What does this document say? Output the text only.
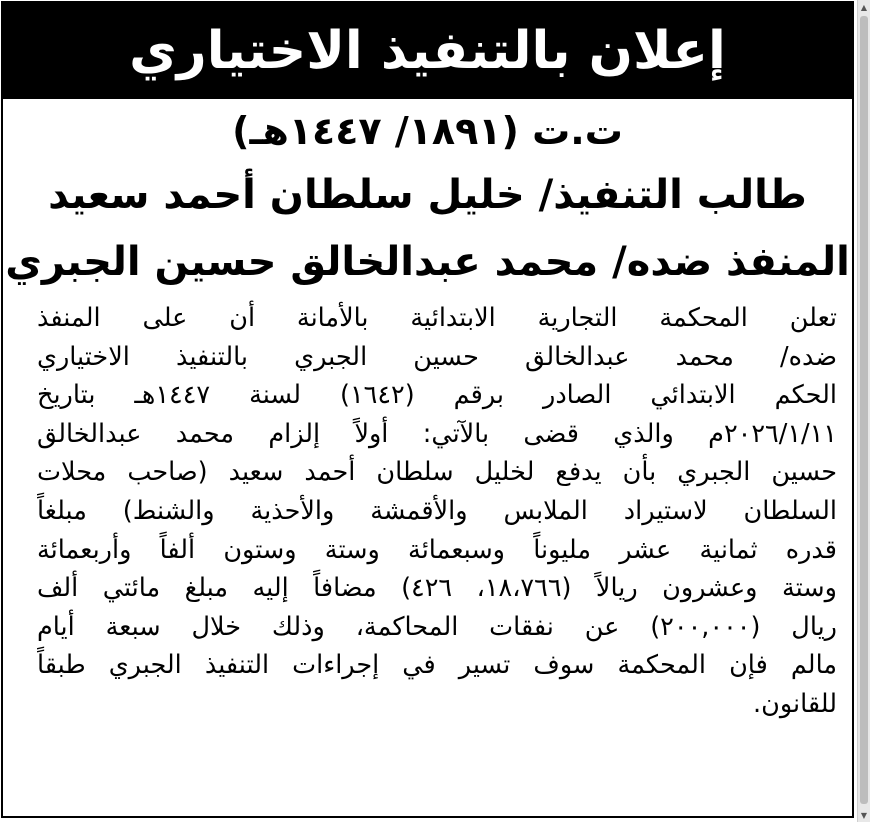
إعلان بالتنفيذ الاختياري
ت.ت (١٨٩١/ ١٤٤٧هـ)
طالب التنفيذ/ خليل سلطان أحمد سعيد
المنفذ ضده/ محمد عبدالخالق حسين الجبري
تعلن المحكمة التجارية الابتدائية بالأمانة أن على المنفذ
ضده/ محمد عبدالخالق حسين الجبري بالتنفيذ الاختياري
الحكم الابتدائي الصادر برقم (١٦٤٢) لسنة ١٤٤٧هـ بتاريخ
٢٠٢٦/١/١١م والذي قضى بالآتي: أولاً إلزام محمد عبدالخالق
حسين الجبري بأن يدفع لخليل سلطان أحمد سعيد (صاحب محلات
السلطان لاستيراد الملابس والأقمشة والأحذية والشنط) مبلغاً
قدره ثمانية عشر مليوناً وسبعمائة وستة وستون ألفاً وأربعمائة
وستة وعشرون ريالاً (١٨،٧٦٦، ٤٢٦) مضافاً إليه مبلغ مائتي ألف
ريال (٢٠٠,٠٠٠) عن نفقات المحاكمة، وذلك خلال سبعة أيام
مالم فإن المحكمة سوف تسير في إجراءات التنفيذ الجبري طبقاً
للقانون.
▲
▼
